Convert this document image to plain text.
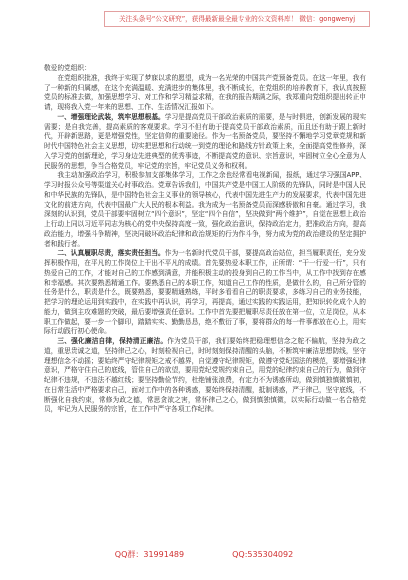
关注头条号“公文研究”，获得最新最全最专业的公文资料库！ 微信：gongwenyj

敬爱的党组织：

在党组织批准，我终于实现了梦寐以求的愿望，成为一名光荣的中国共产党预备党员。在这一年里，我有了一种新的归属感，在这个充满温暖、充满进步的集体里，我不断成长，在党组织的培养教育下，我认真按照党员的标准去做，加强思想学习、对工作和学习精益求精，在我的报告期满之际，我郑重向党组织提出转正申请，现将我入党一年来的思想、工作、生活情况汇报如下。

一、增强理论武装，筑牢思想根基。学习是提高党员干部政治素质的需要，是与时俱进，创新发展的现实需要；是自我完善，提高素质的客观要求。学习不但有助于提高党员干部政治素质，而且还有助于跟上新时代，开辟新思路，更是增强党性，坚定信仰的重要途径。作为一名预备党员，要坚持不懈地学习党章党规和新时代中国特色社会主义思想，切实把思想和行动统一到党的理论和路线方针政策上来，全面提高党性修养，深入学习党的创新理论，学习身边先进典型的优秀事迹，不断提高党的意识、宗旨意识，牢固树立全心全意为人民服务的思想，争当合格党员，牢记党的宗旨，牢记党员义务和权利。

我主动加强政治学习，积极参加支部集体学习，工作之余也经常看电视新闻，报纸，通过学习强国APP、学习时报公众号等渠道关心时事政治。党章告诉我们，中国共产党是中国工人阶级的先锋队，同时是中国人民和中华民族的先锋队，是中国特色社会主义事业的领导核心，代表中国先进生产力的发展要求，代表中国先进文化的前进方向，代表中国最广大人民的根本利益。我为成为一名预备党员而深感骄傲和自豪。通过学习，我深刻的认识到，党员干部要牢固树立“四个意识”，坚定“四个自信”，坚决做到“两个维护”，自觉在思想上政治上行动上同以习近平同志为核心的党中央保持高度一致，强化政治意识，保持政治定力，把准政治方向，提高政治能力，增强斗争精神，坚决同破坏政治纪律和政治规矩的行为作斗争，努力成为党的政治建设的坚定拥护者和践行者。

二、认真履职尽责，落实责任担当。作为一名新时代党员干部，要提高政治站位，担当履职责任，充分发挥积极作用，在平凡的工作岗位上干出不平凡的成绩。首先要热爱本职工作，正所谓：“干一行爱一行”，只有热爱自己的工作，才能对自己的工作感到满意，并能积极主动的投身到自己的工作当中，从工作中找到存在感和幸福感。其次要熟悉精通工作。要熟悉自己的本职工作，知道自己工作的性质，是做什么的，自己所分管的任务是什么，职责是什么，既要熟悉，要要精通熟练，平时多看看自己的职责要求，多练习自己的业务技能，把学习的理论运用到实践中，在实践中再认识，再学习，再提高，通过实践的实践运用，把知识转化成个人的能力，做到主攻难题的突破，最后要增强责任意识。工作中首先要把履职尽责任放在第一位，立足岗位，从本职工作做起，要一步一个脚印，踏踏实实、勤勤恳恳，绝不敷衍了事，要将群众的每一件事都放在心上，用实际行动践行初心使命。

三、强化廉洁自律，保持清正廉洁。作为党员干部，我们要始终把稳理想信念之舵不偏航，坚持为政之道，重思贵诚之道，坚持律己之心，时刻检视自己，时时刻刻保持清醒的头脑，不断筑牢廉洁思想防线，坚守理想信念不动摇；要始终严守纪律规矩之戒不越界，自觉遵守纪律规矩，做遵守党纪国法的模范，要增强纪律意识，严格守住自己的底线，管住自己的欲望，要用党纪党规约束自己，用党的纪律约束自己的行为，做到守纪律不违规，不违法不越红线；要坚持勤俭节约，杜绝铺张浪费，有定力不为诱惑所动，做到慎独慎微慎初，在日常生活中严格要求自己，面对工作中的各种诱惑，要始终保持清醒，抵制诱惑，严于律己，坚守底线，不断强化自我约束，常修为政之德，常思贪欲之害，常怀律己之心，做到慎独慎微，以实际行动做一名合格党员，牢记为人民服务的宗旨，在工作中严守各项工作纪律。

QQ群：31991489	QQ:535304092
